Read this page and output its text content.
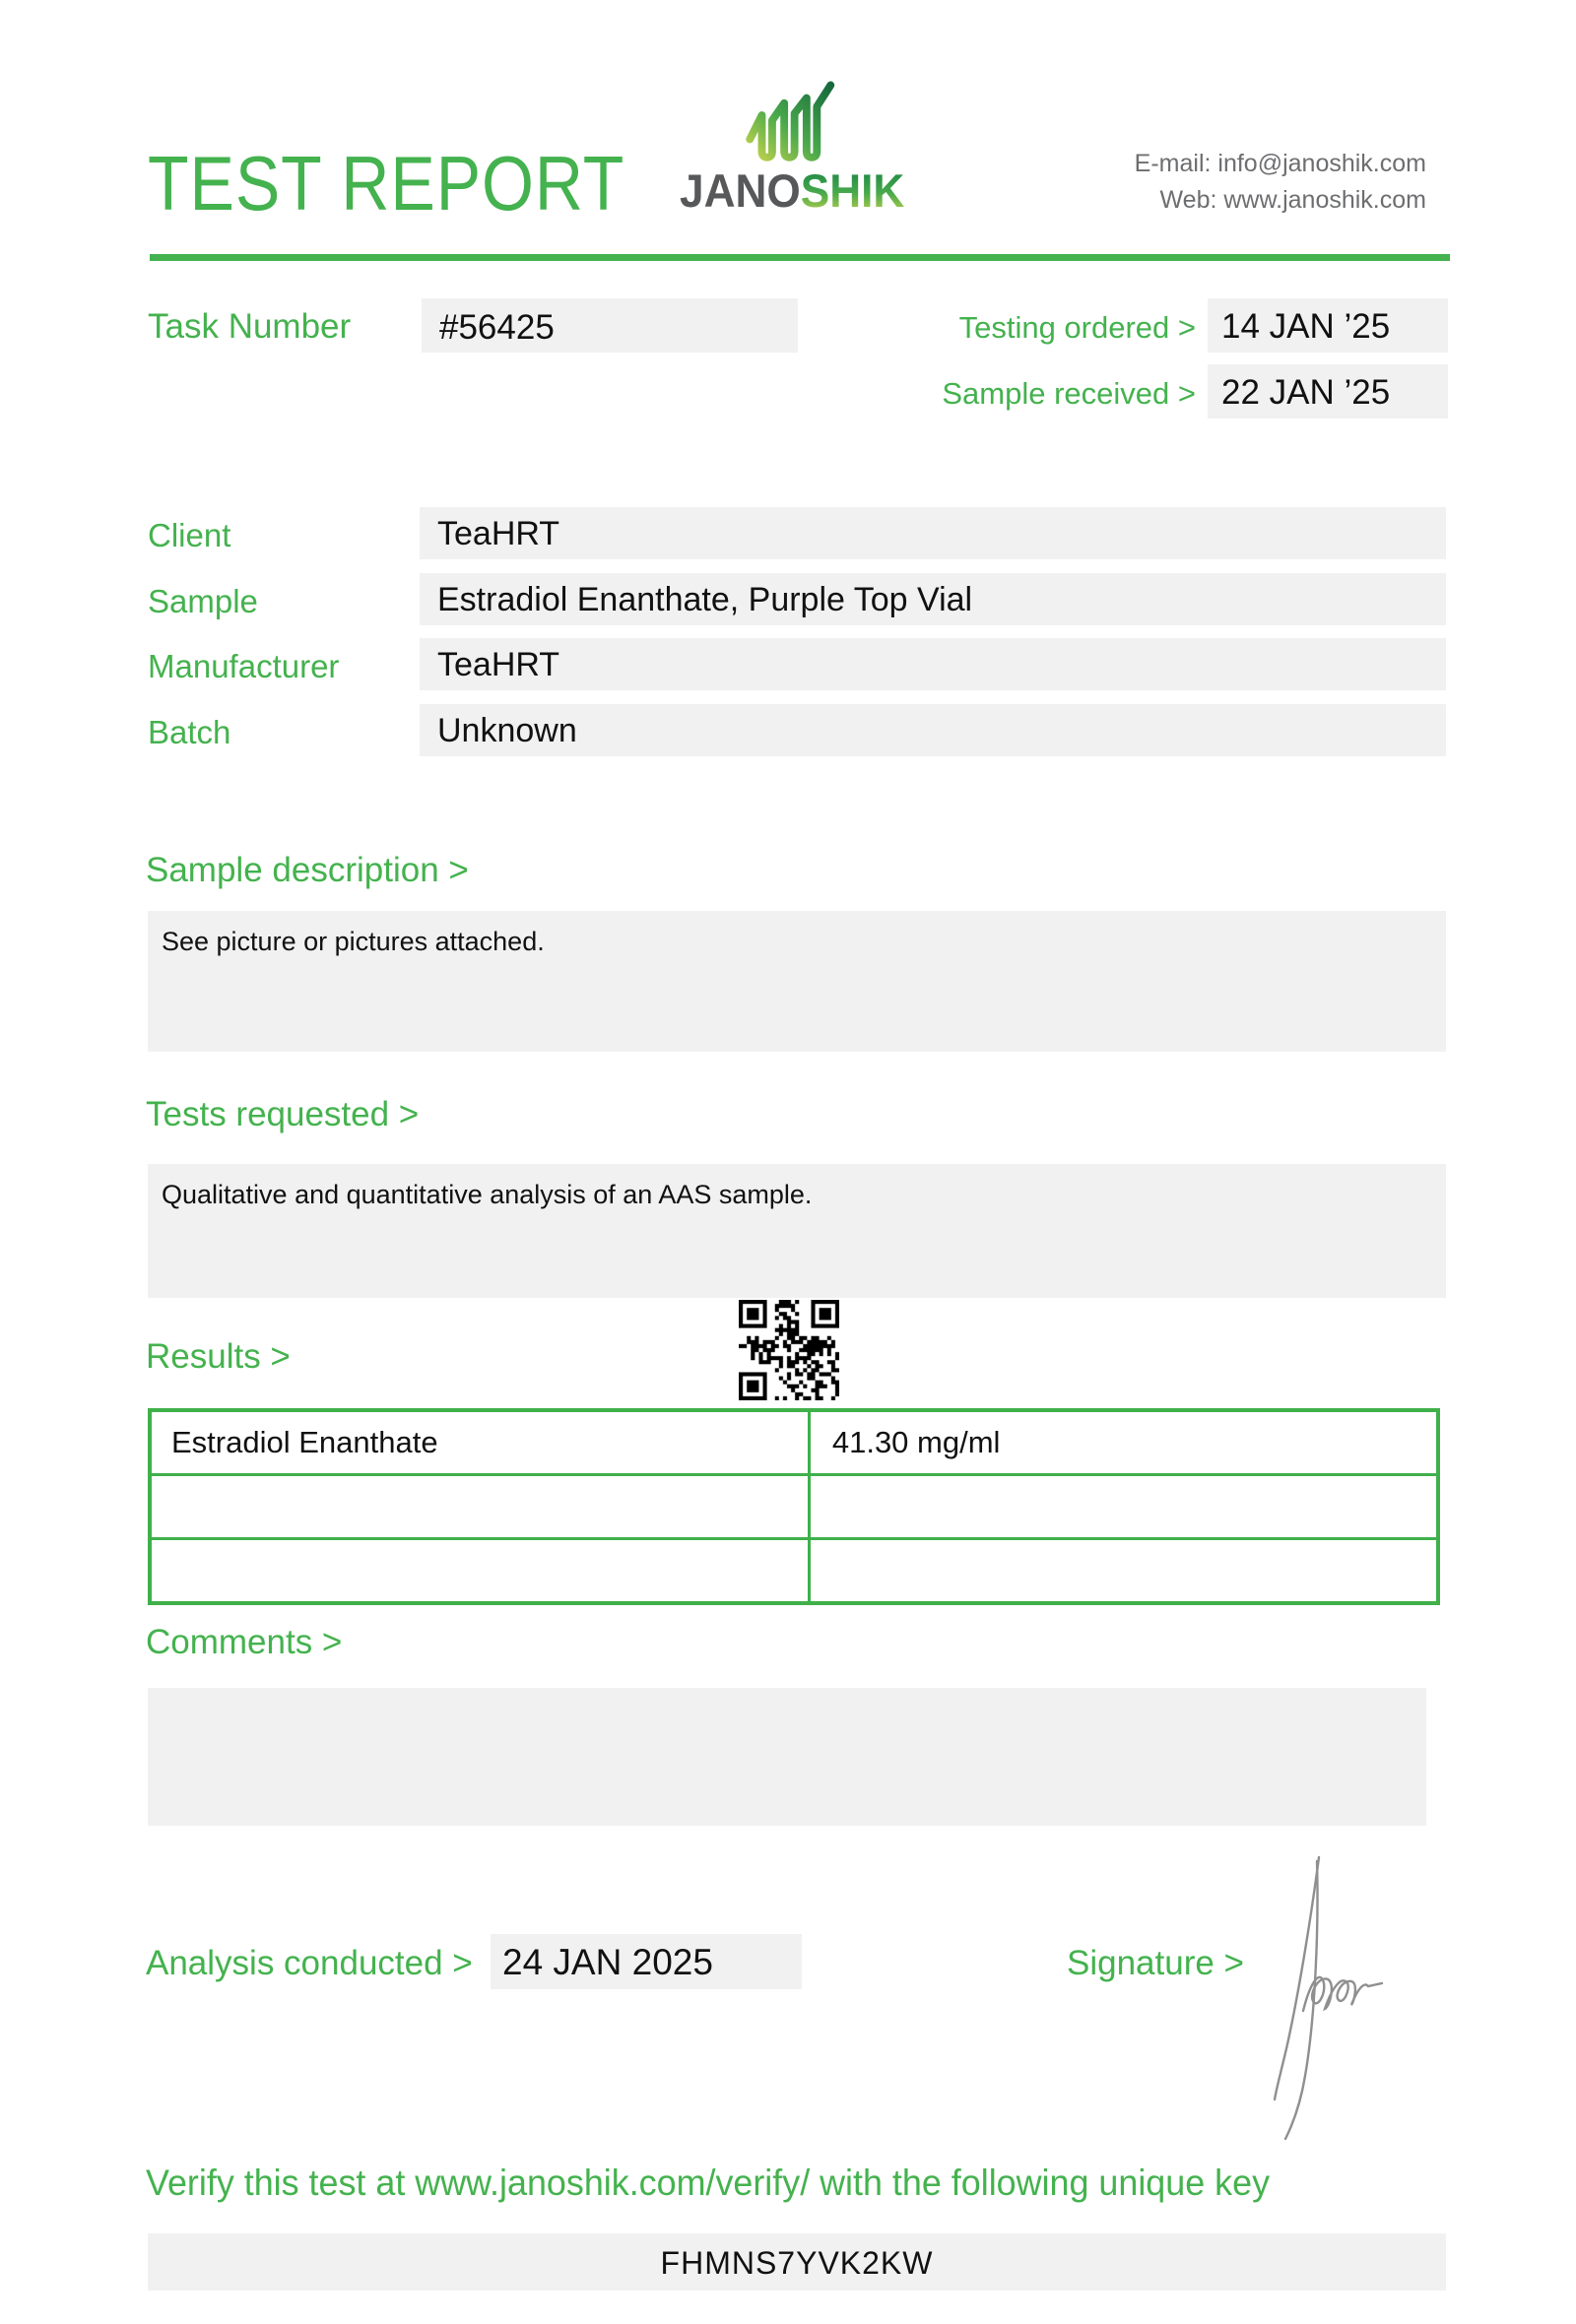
TEST REPORT JANOSHIK
E-mail: info@janoshik.com
Web: www.janoshik.com
Task Number	#56425	Testing ordered > 14 JAN ’25
Sample received > 22 JAN ’25
Client	TeaHRT
Sample	Estradiol Enanthate, Purple Top Vial
Manufacturer	TeaHRT
Batch	Unknown
Sample description >
See picture or pictures attached.
Tests requested >
Qualitative and quantitative analysis of an AAS sample.
Results >
Estradiol Enanthate	41.30 mg/ml

Comments >
Analysis conducted > 24 JAN 2025	Signature >
Verify this test at www.janoshik.com/verify/ with the following unique key
FHMNS7YVK2KW
